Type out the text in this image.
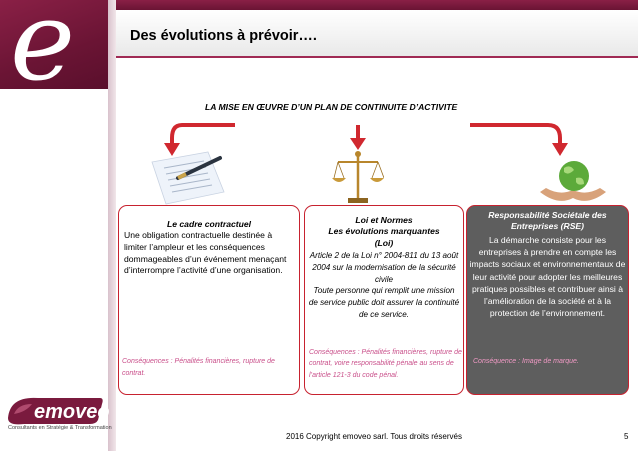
e	Des évolutions à prévoir….
LA MISE EN ŒUVRE D’UN PLAN DE CONTINUITE D’ACTIVITE
Le cadre contractuel
Une obligation contractuelle destinée à limiter l’ampleur et les conséquences dommageables d’un événement menaçant d’interrompre l’activité d’une organisation.
Conséquences : Pénalités financières, rupture de contrat.
Loi et Normes
Les évolutions marquantes
(Loi)
Article 2 de la Loi n° 2004-811 du 13 août 2004 sur la modernisation de la sécurité civile
Toute personne qui remplit une mission de service public doit assurer la continuité de ce service.
Conséquences : Pénalités financières, rupture de contrat, voire responsabilité pénale au sens de l’article 121-3 du code pénal.
Responsabilité Sociétale des Entreprises (RSE)
La démarche consiste pour les entreprises à prendre en compte les impacts sociaux et environnementaux de leur activité pour adopter les meilleures pratiques possibles et contribuer ainsi à l’amélioration de la société et à la protection de l’environnement.
Conséquence : Image de marque.
emoveo
Consultants en Stratégie & Transformation
2016 Copyright emoveo sarl. Tous droits réservés	5
